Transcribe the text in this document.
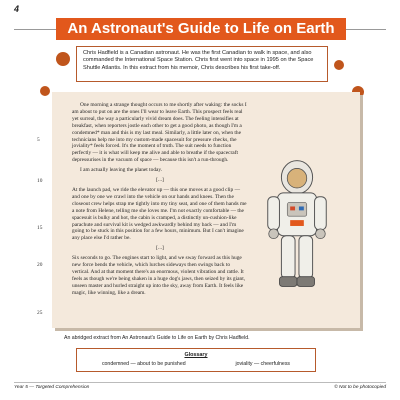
4
An Astronaut's Guide to Life on Earth

Chris Hadfield is a Canadian astronaut. He was the first Canadian to walk in space, and also commanded the International Space Station. Chris first went into space in 1995 on the Space Shuttle Atlantis. In this extract from his memoir, Chris describes his first take-off.

One morning a strange thought occurs to me shortly after waking: the socks I am about to put on are the ones I'll wear to leave Earth. This prospect feels real yet surreal, the way a particularly vivid dream does. The feeling intensifies at breakfast, when reporters jostle each other to get a good photo, as though I'm a condemned* man and this is my last meal. Similarly, a little later on, when the technicians help me into my custom-made spacesuit for pressure checks, the joviality* feels forced. It's the moment of truth. The suit needs to function perfectly — it is what will keep me alive and able to breathe if the spacecraft depressurises in the vacuum of space — because this isn't a run-through.

I am actually leaving the planet today.

[...]

At the launch pad, we ride the elevator up — this one moves at a good clip — and one by one we crawl into the vehicle on our hands and knees. Then the closeout crew helps strap me tightly into my tiny seat, and one of them hands me a note from Helene, telling me she loves me. I'm not exactly comfortable — the spacesuit is bulky and hot, the cabin is cramped, a distinctly un-cushion-like parachute and survival kit is wedged awkwardly behind my back — and I'm going to be stuck in this position for a few hours, minimum. But I can't imagine any place else I'd rather be.

[...]

Six seconds to go. The engines start to light, and we sway forward as this huge new force bends the vehicle, which lurches sideways then swings back to vertical. And at that moment there's an enormous, violent vibration and rattle. It feels as though we're being shaken in a huge dog's jaws, then seized by its giant, unseen master and hurled straight up into the sky, away from Earth. It feels like magic, like winning, like a dream.

5
10
15
20
25
An abridged extract from An Astronaut's Guide to Life on Earth by Chris Hadfield.
Glossary
condemned — about to be punished	joviality — cheerfulness
Year 5 — Targeted Comprehension	© Not to be photocopied
